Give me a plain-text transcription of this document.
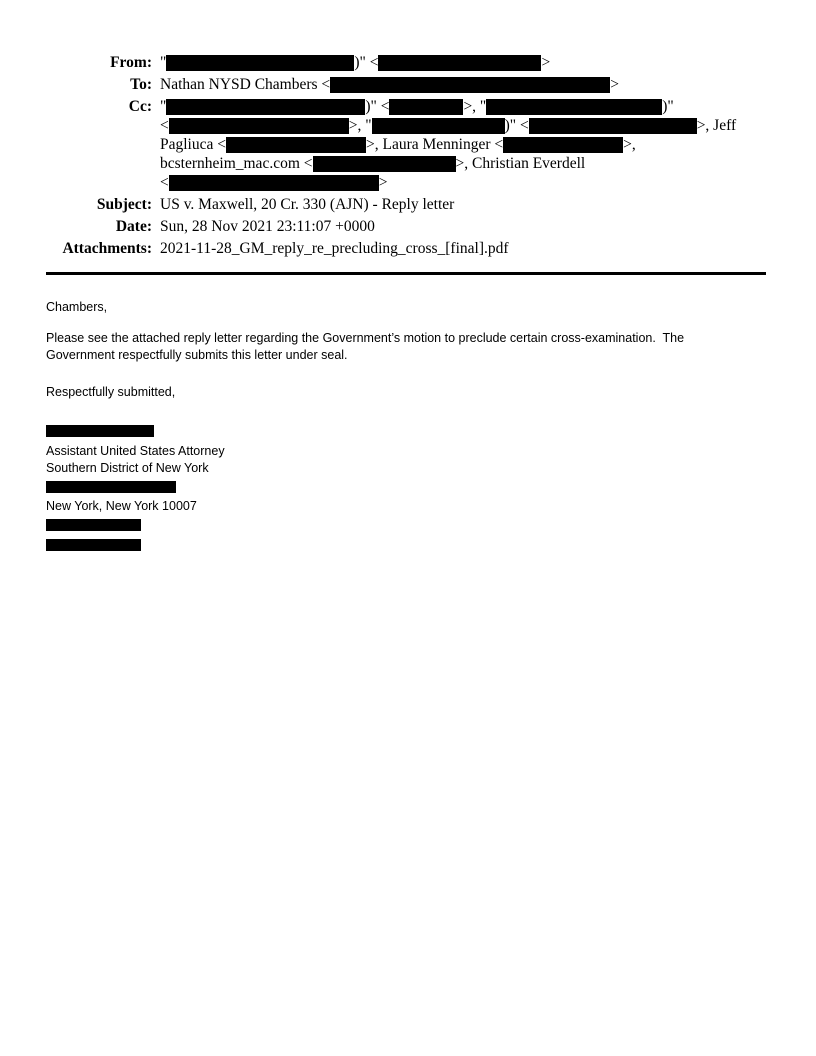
From: "	)" <	>
To: Nathan NYSD Chambers <	>
Cc: "	)" <	>, "	)"
<	>, "	)" <	>, Jeff
Pagliuca <	>, Laura Menninger <	>,
bcsternheim_mac.com <	>, Christian Everdell
<	>
Subject: US v. Maxwell, 20 Cr. 330 (AJN) - Reply letter
Date: Sun, 28 Nov 2021 23:11:07 +0000
Attachments: 2021-11-28_GM_reply_re_precluding_cross_[final].pdf

Chambers,

Please see the attached reply letter regarding the Government’s motion to preclude certain cross-examination.  The
Government respectfully submits this letter under seal.

Respectfully submitted,

Assistant United States Attorney
Southern District of New York
New York, New York 10007
